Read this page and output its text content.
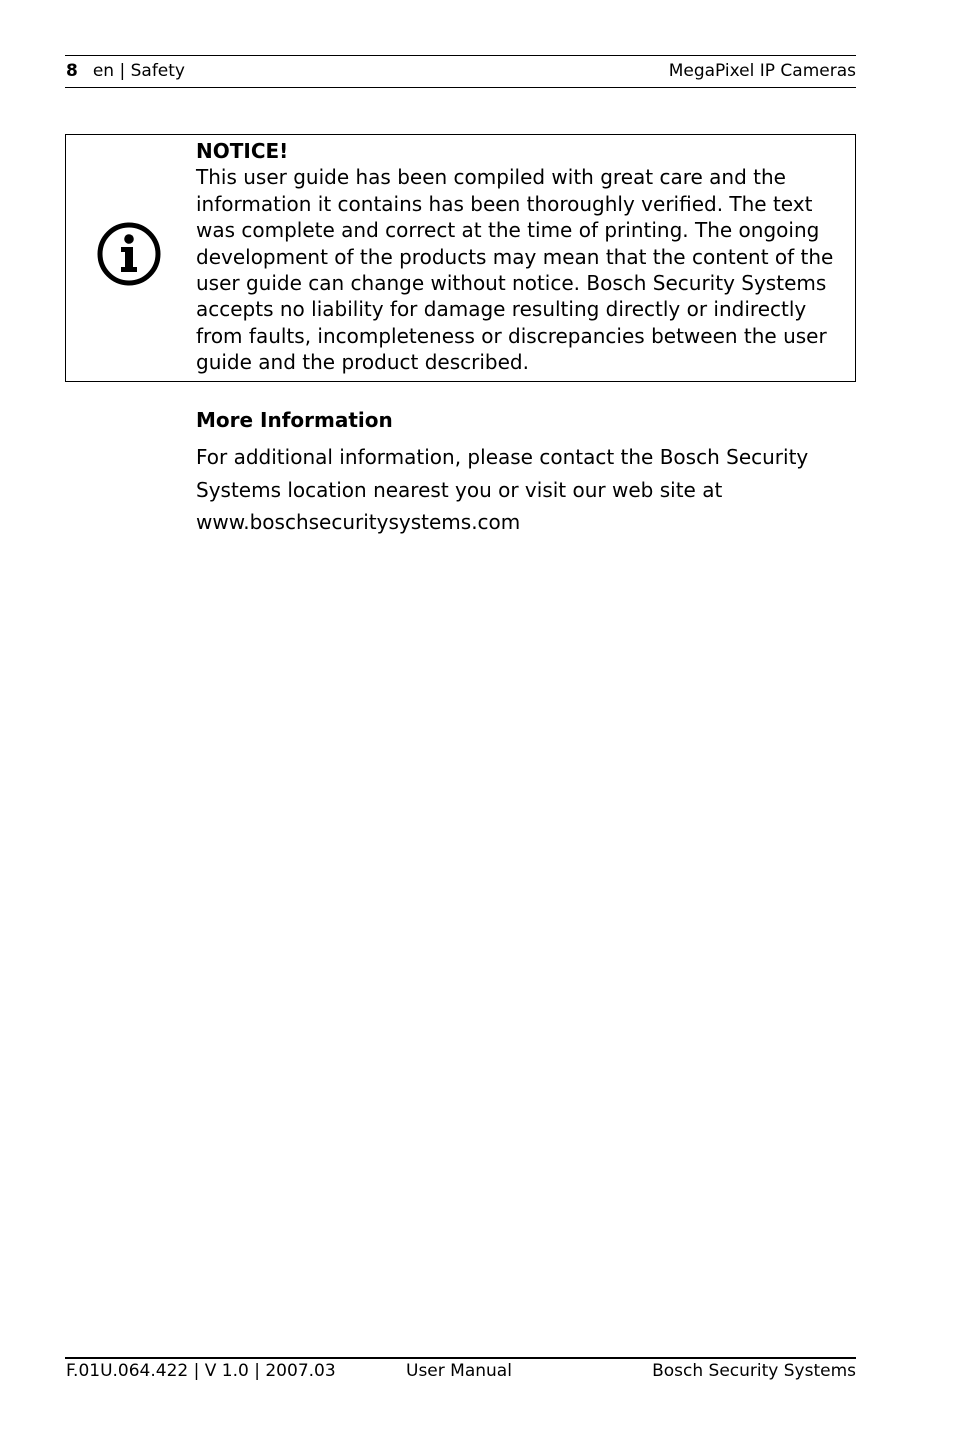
8 en | Safety	MegaPixel IP Cameras
NOTICE!
This user guide has been compiled with great care and the
information it contains has been thoroughly verified. The text
was complete and correct at the time of printing. The ongoing
development of the products may mean that the content of the
user guide can change without notice. Bosch Security Systems
accepts no liability for damage resulting directly or indirectly
from faults, incompleteness or discrepancies between the user
guide and the product described.
More Information
For additional information, please contact the Bosch Security
Systems location nearest you or visit our web site at
www.boschsecuritysystems.com
F.01U.064.422 | V 1.0 | 2007.03	User Manual	Bosch Security Systems
